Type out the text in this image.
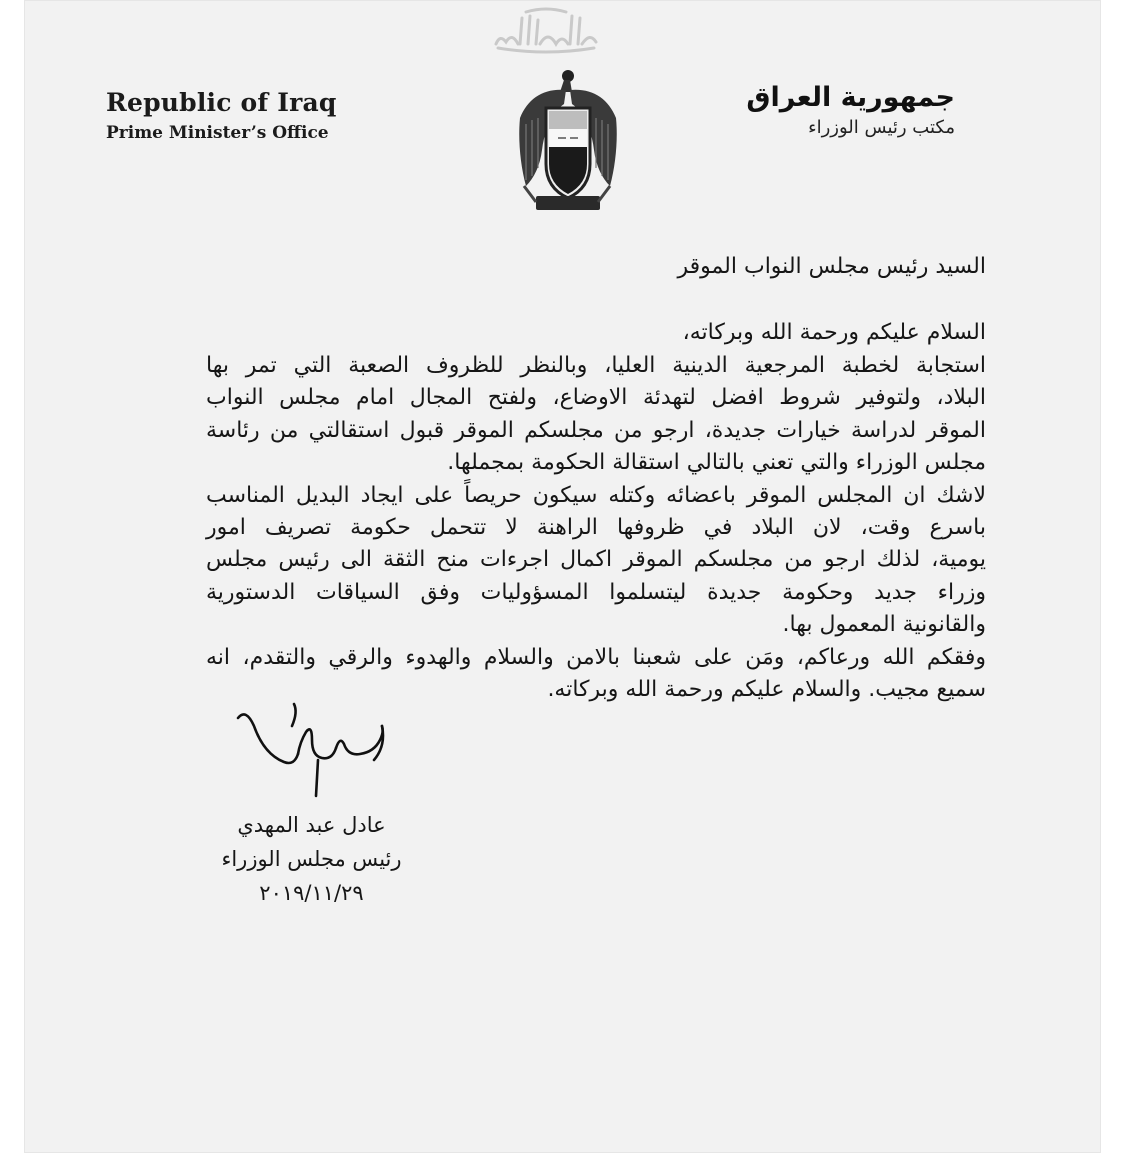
Republic of Iraq
Prime Minister’s Office
جمهورية العراق
مكتب رئيس الوزراء

السيد رئيس مجلس النواب الموقر

السلام عليكم ورحمة الله وبركاته،

استجابة لخطبة المرجعية الدينية العليا، وبالنظر للظروف الصعبة التي تمر بها
البلاد، ولتوفير شروط افضل لتهدئة الاوضاع، ولفتح المجال امام مجلس النواب
الموقر لدراسة خيارات جديدة، ارجو من مجلسكم الموقر قبول استقالتي من رئاسة
مجلس الوزراء والتي تعني بالتالي استقالة الحكومة بمجملها.
لاشك ان المجلس الموقر باعضائه وكتله سيكون حريصاً على ايجاد البديل المناسب
باسرع وقت، لان البلاد في ظروفها الراهنة لا تتحمل حكومة تصريف امور
يومية، لذلك ارجو من مجلسكم الموقر اكمال اجرءات منح الثقة الى رئيس مجلس
وزراء جديد وحكومة جديدة ليتسلموا المسؤوليات وفق السياقات الدستورية
والقانونية المعمول بها.
وفقكم الله ورعاكم، ومَن على شعبنا بالامن والسلام والهدوء والرقي والتقدم، انه
سميع مجيب. والسلام عليكم ورحمة الله وبركاته.
عادل عبد المهدي
رئيس مجلس الوزراء
٢٠١٩/١١/٢٩
